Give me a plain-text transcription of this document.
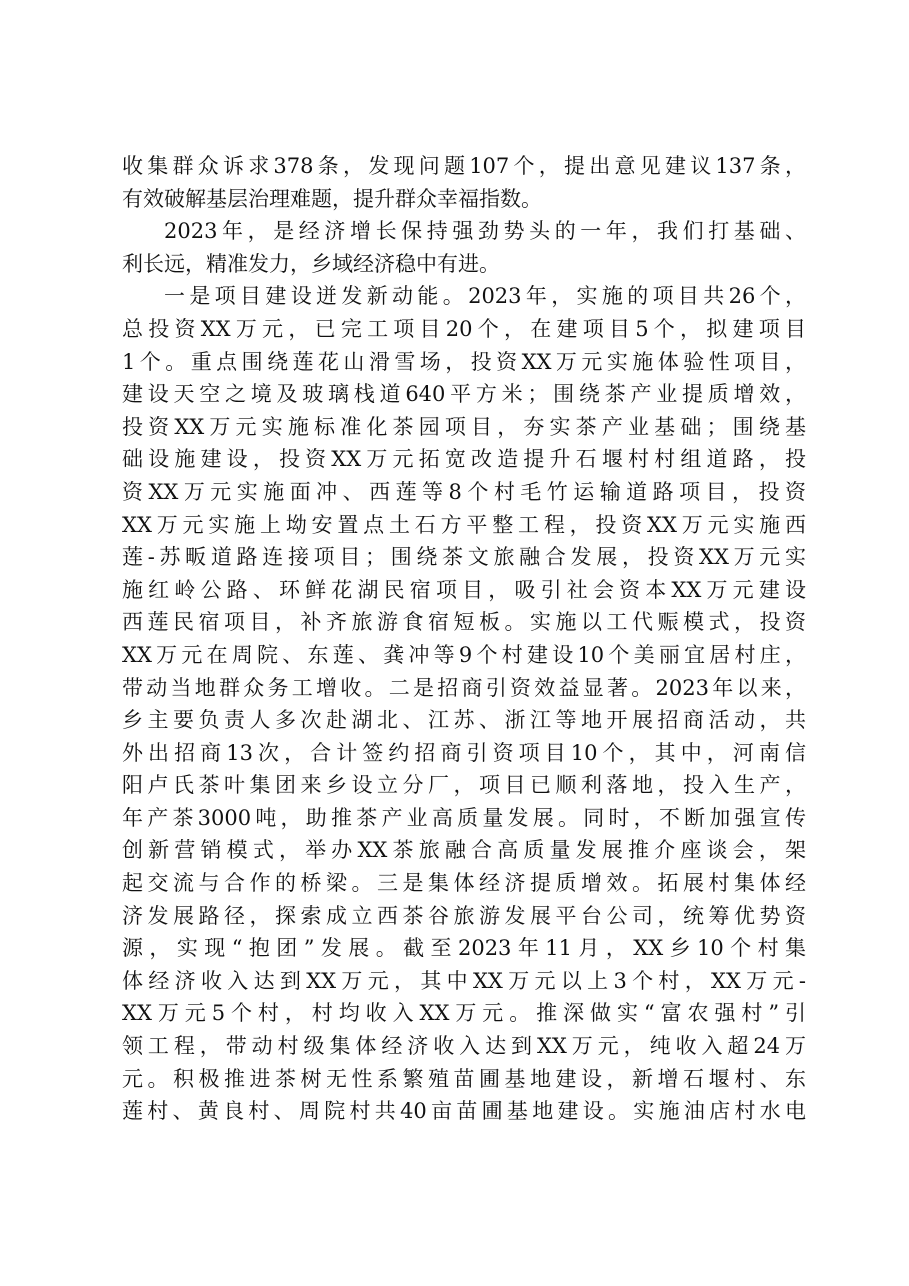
收集群众诉求378条，发现问题107个，提出意见建议137条，
有效破解基层治理难题，提升群众幸福指数。
2023年，是经济增长保持强劲势头的一年，我们打基础、
利长远，精准发力，乡域经济稳中有进。
一是项目建设迸发新动能。2023年，实施的项目共26个，
总投资XX万元，已完工项目20个，在建项目5个，拟建项目
1个。重点围绕莲花山滑雪场，投资XX万元实施体验性项目，
建设天空之境及玻璃栈道640平方米；围绕茶产业提质增效，
投资XX万元实施标准化茶园项目，夯实茶产业基础；围绕基
础设施建设，投资XX万元拓宽改造提升石堰村村组道路，投
资XX万元实施面冲、西莲等8个村毛竹运输道路项目，投资
XX万元实施上坳安置点土石方平整工程，投资XX万元实施西
莲-苏畈道路连接项目；围绕茶文旅融合发展，投资XX万元实
施红岭公路、环鲜花湖民宿项目，吸引社会资本XX万元建设
西莲民宿项目，补齐旅游食宿短板。实施以工代赈模式，投资
XX万元在周院、东莲、龚冲等9个村建设10个美丽宜居村庄，
带动当地群众务工增收。二是招商引资效益显著。2023年以来，
乡主要负责人多次赴湖北、江苏、浙江等地开展招商活动，共
外出招商13次，合计签约招商引资项目10个，其中，河南信
阳卢氏茶叶集团来乡设立分厂，项目已顺利落地，投入生产，
年产茶3000吨，助推茶产业高质量发展。同时，不断加强宣传
创新营销模式，举办XX茶旅融合高质量发展推介座谈会，架
起交流与合作的桥梁。三是集体经济提质增效。拓展村集体经
济发展路径，探索成立西茶谷旅游发展平台公司，统筹优势资
源，实现“抱团”发展。截至2023年11月，XX乡10个村集
体经济收入达到XX万元，其中XX万元以上3个村，XX万元-
XX万元5个村，村均收入XX万元。推深做实“富农强村”引
领工程，带动村级集体经济收入达到XX万元，纯收入超24万
元。积极推进茶树无性系繁殖苗圃基地建设，新增石堰村、东
莲村、黄良村、周院村共40亩苗圃基地建设。实施油店村水电
